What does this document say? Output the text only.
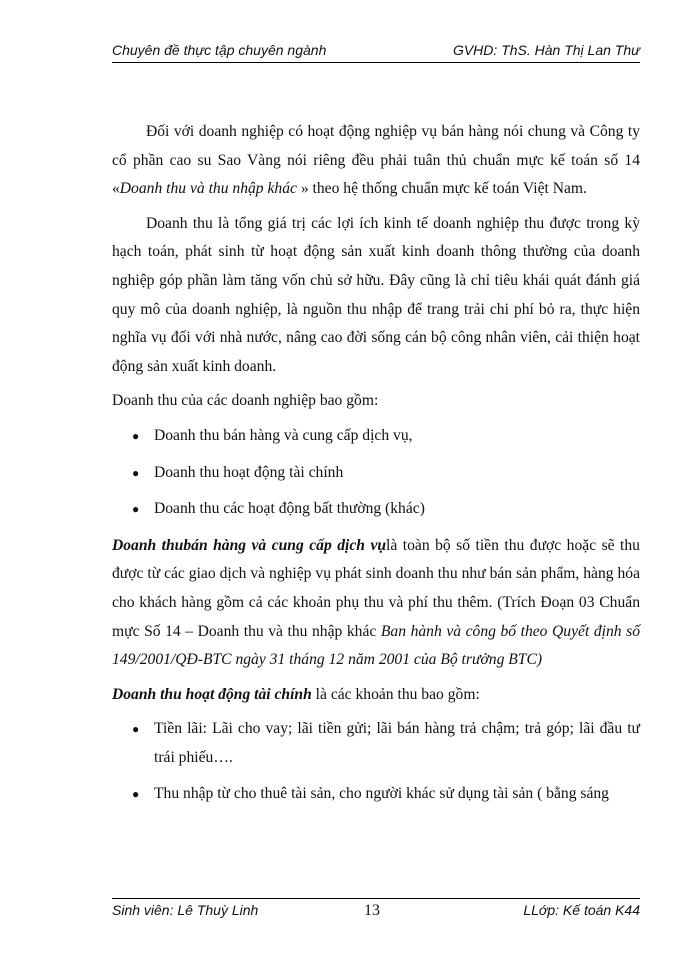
Chuyên đề thực tập chuyên ngành	GVHD: ThS. Hàn Thị Lan Thư

Đối với doanh nghiệp có hoạt động nghiệp vụ bán hàng nói chung và Công ty cổ phần cao su Sao Vàng nói riêng đều phải tuân thủ chuẩn mực kế toán số 14 «Doanh thu và thu nhập khác » theo hệ thống chuẩn mực kế toán Việt Nam.

Doanh thu là tổng giá trị các lợi ích kinh tế doanh nghiệp thu được trong kỳ hạch toán, phát sinh từ hoạt động sản xuất kinh doanh thông thường của doanh nghiệp góp phần làm tăng vốn chủ sở hữu. Đây cũng là chỉ tiêu khái quát đánh giá quy mô của doanh nghiệp, là nguồn thu nhập để trang trải chi phí bỏ ra, thực hiện nghĩa vụ đối với nhà nước, nâng cao đời sống cán bộ công nhân viên, cải thiện hoạt động sản xuất kinh doanh.

Doanh thu của các doanh nghiệp bao gồm:

● Doanh thu bán hàng và cung cấp dịch vụ,
● Doanh thu hoạt động tài chính
● Doanh thu các hoạt động bất thường (khác)

Doanh thubán hàng và cung cấp dịch vụlà toàn bộ số tiền thu được hoặc sẽ thu được từ các giao dịch và nghiệp vụ phát sinh doanh thu như bán sản phẩm, hàng hóa cho khách hàng gồm cả các khoản phụ thu và phí thu thêm. (Trích Đoạn 03 Chuẩn mực Số 14 – Doanh thu và thu nhập khác Ban hành và công bố theo Quyết định số 149/2001/QĐ-BTC ngày 31 tháng 12 năm 2001 của Bộ trưởng BTC)

Doanh thu hoạt động tài chính là các khoản thu bao gồm:

● Tiền lãi: Lãi cho vay; lãi tiền gửi; lãi bán hàng trả chậm; trả góp; lãi đầu tư trái phiếu….
● Thu nhập từ cho thuê tài sản, cho người khác sử dụng tài sản ( bằng sáng
Sinh viên: Lê Thuỳ Linh	13	LLớp: Kế toán K44
